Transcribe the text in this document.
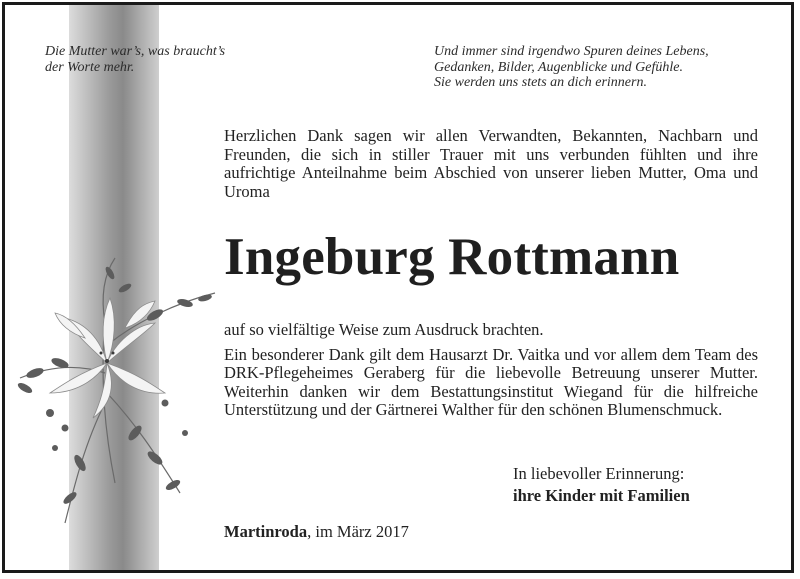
Die Mutter war’s, was braucht’s
der Worte mehr.
Und immer sind irgendwo Spuren deines Lebens,
Gedanken, Bilder, Augenblicke und Gefühle.
Sie werden uns stets an dich erinnern.
Herzlichen Dank sagen wir allen Verwandten, Bekannten, Nachbarn und Freunden, die sich in stiller Trauer mit uns verbunden fühlten und ihre aufrichtige Anteilnahme beim Abschied von unserer lieben Mutter, Oma und Uroma
Ingeburg Rottmann

auf so vielfältige Weise zum Ausdruck brachten.

Ein besonderer Dank gilt dem Hausarzt Dr. Vaitka und vor allem dem Team des DRK-Pflegeheimes Geraberg für die liebevolle Betreuung unserer Mutter. Weiterhin danken wir dem Bestattungsinstitut Wiegand für die hilfreiche Unterstützung und der Gärtnerei Walther für den schönen Blumenschmuck.

In liebevoller Erinnerung:
ihre Kinder mit Familien
Martinroda, im März 2017
